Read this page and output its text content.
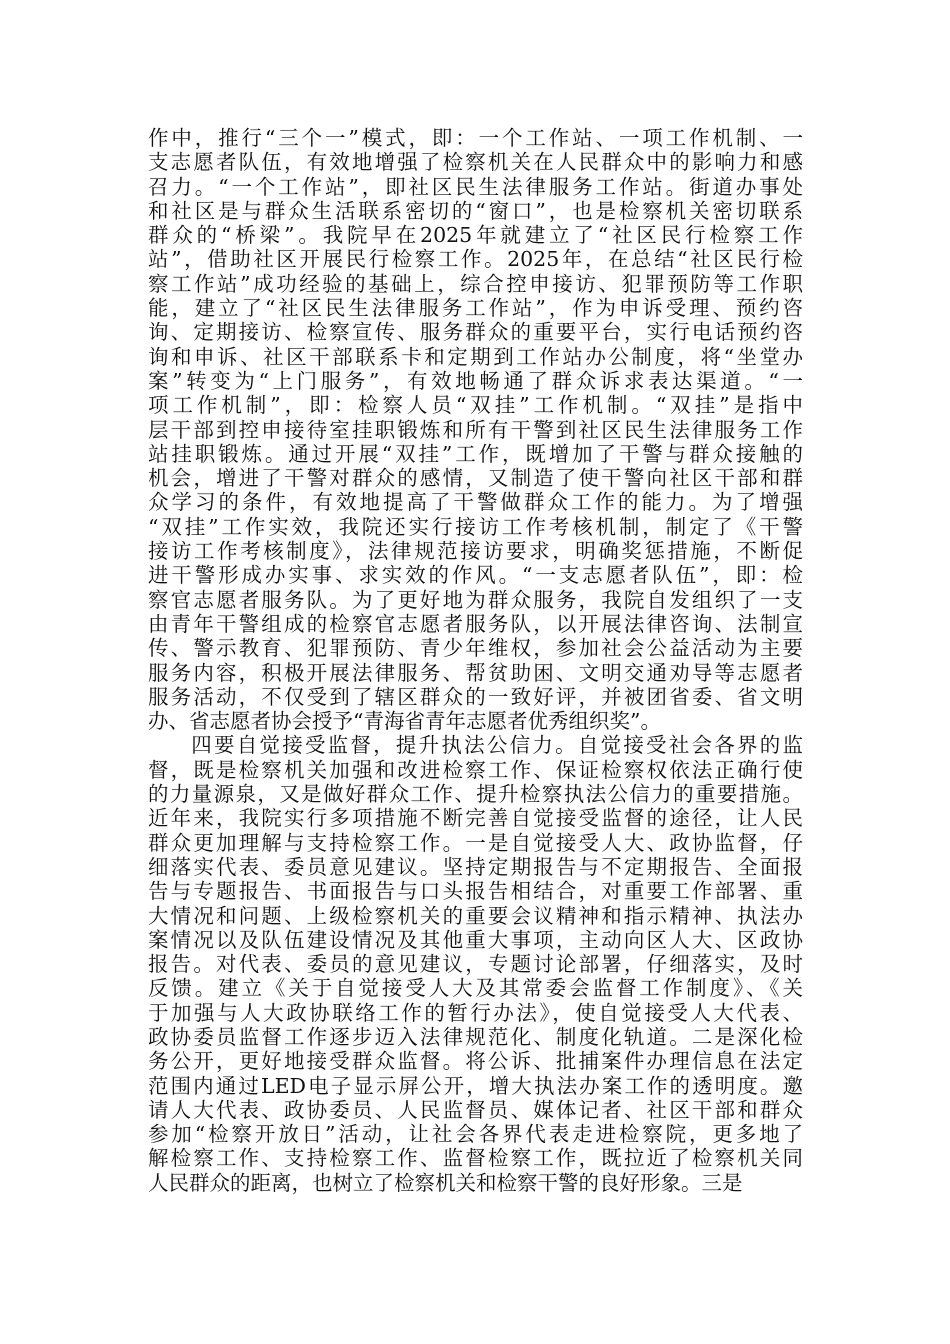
作中，推行“三个一”模式，即：一个工作站、一项工作机制、一
支志愿者队伍，有效地增强了检察机关在人民群众中的影响力和感
召力。“一个工作站”，即社区民生法律服务工作站。街道办事处
和社区是与群众生活联系密切的“窗口”，也是检察机关密切联系
群众的“桥梁”。我院早在2025年就建立了“社区民行检察工作
站”，借助社区开展民行检察工作。2025年，在总结“社区民行检
察工作站”成功经验的基础上，综合控申接访、犯罪预防等工作职
能，建立了“社区民生法律服务工作站”，作为申诉受理、预约咨
询、定期接访、检察宣传、服务群众的重要平台，实行电话预约咨
询和申诉、社区干部联系卡和定期到工作站办公制度，将“坐堂办
案”转变为“上门服务”，有效地畅通了群众诉求表达渠道。“一
项工作机制”，即：检察人员“双挂”工作机制。“双挂”是指中
层干部到控申接待室挂职锻炼和所有干警到社区民生法律服务工作
站挂职锻炼。通过开展“双挂”工作，既增加了干警与群众接触的
机会，增进了干警对群众的感情，又制造了使干警向社区干部和群
众学习的条件，有效地提高了干警做群众工作的能力。为了增强
“双挂”工作实效，我院还实行接访工作考核机制，制定了《干警
接访工作考核制度》，法律规范接访要求，明确奖惩措施，不断促
进干警形成办实事、求实效的作风。“一支志愿者队伍”，即：检
察官志愿者服务队。为了更好地为群众服务，我院自发组织了一支
由青年干警组成的检察官志愿者服务队，以开展法律咨询、法制宣
传、警示教育、犯罪预防、青少年维权，参加社会公益活动为主要
服务内容，积极开展法律服务、帮贫助困、文明交通劝导等志愿者
服务活动，不仅受到了辖区群众的一致好评，并被团省委、省文明
办、省志愿者协会授予“青海省青年志愿者优秀组织奖”。
四要自觉接受监督，提升执法公信力。自觉接受社会各界的监
督，既是检察机关加强和改进检察工作、保证检察权依法正确行使
的力量源泉，又是做好群众工作、提升检察执法公信力的重要措施。
近年来，我院实行多项措施不断完善自觉接受监督的途径，让人民
群众更加理解与支持检察工作。一是自觉接受人大、政协监督，仔
细落实代表、委员意见建议。坚持定期报告与不定期报告、全面报
告与专题报告、书面报告与口头报告相结合，对重要工作部署、重
大情况和问题、上级检察机关的重要会议精神和指示精神、执法办
案情况以及队伍建设情况及其他重大事项，主动向区人大、区政协
报告。对代表、委员的意见建议，专题讨论部署，仔细落实，及时
反馈。建立《关于自觉接受人大及其常委会监督工作制度》、《关
于加强与人大政协联络工作的暂行办法》，使自觉接受人大代表、
政协委员监督工作逐步迈入法律规范化、制度化轨道。二是深化检
务公开，更好地接受群众监督。将公诉、批捕案件办理信息在法定
范围内通过LED电子显示屏公开，增大执法办案工作的透明度。邀
请人大代表、政协委员、人民监督员、媒体记者、社区干部和群众
参加“检察开放日”活动，让社会各界代表走进检察院，更多地了
解检察工作、支持检察工作、监督检察工作，既拉近了检察机关同
人民群众的距离，也树立了检察机关和检察干警的良好形象。三是
